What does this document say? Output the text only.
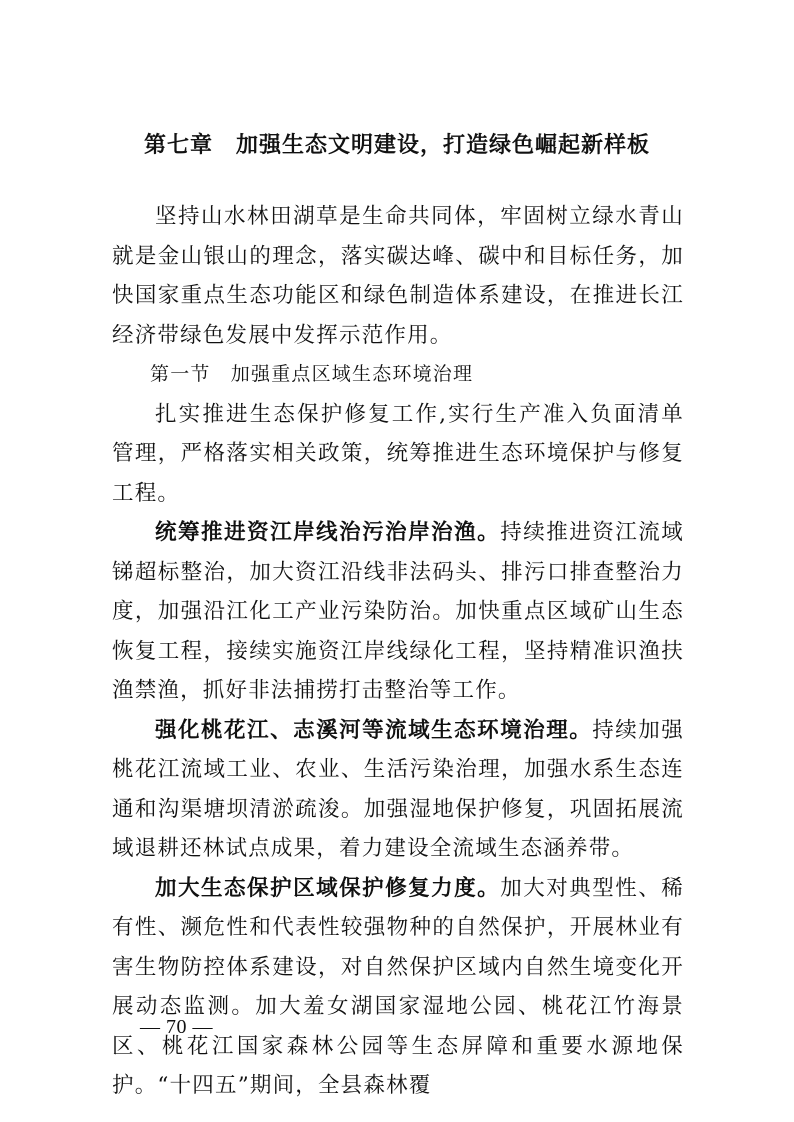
第七章　加强生态文明建设，打造绿色崛起新样板

坚持山水林田湖草是生命共同体，牢固树立绿水青山就是金山银山的理念，落实碳达峰、碳中和目标任务，加快国家重点生态功能区和绿色制造体系建设，在推进长江经济带绿色发展中发挥示范作用。

第一节　加强重点区域生态环境治理

扎实推进生态保护修复工作,实行生产准入负面清单管理，严格落实相关政策，统筹推进生态环境保护与修复工程。

统筹推进资江岸线治污治岸治渔。持续推进资江流域锑超标整治，加大资江沿线非法码头、排污口排查整治力度，加强沿江化工产业污染防治。加快重点区域矿山生态恢复工程，接续实施资江岸线绿化工程，坚持精准识渔扶渔禁渔，抓好非法捕捞打击整治等工作。

强化桃花江、志溪河等流域生态环境治理。持续加强桃花江流域工业、农业、生活污染治理，加强水系生态连通和沟渠塘坝清淤疏浚。加强湿地保护修复，巩固拓展流域退耕还林试点成果，着力建设全流域生态涵养带。

加大生态保护区域保护修复力度。加大对典型性、稀有性、濒危性和代表性较强物种的自然保护，开展林业有害生物防控体系建设，对自然保护区域内自然生境变化开展动态监测。加大羞女湖国家湿地公园、桃花江竹海景区、桃花江国家森林公园等生态屏障和重要水源地保护。“十四五”期间，全县森林覆

— 70 —
